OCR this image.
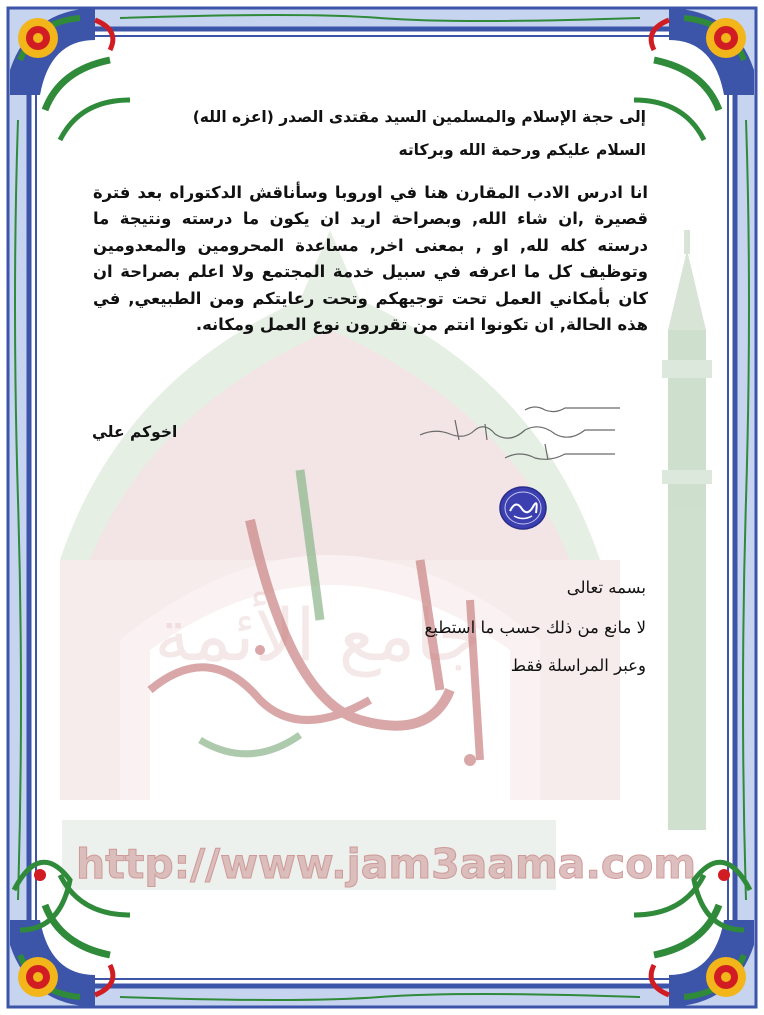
http://www.jam3aama.com
جامع الأئمة
إلى حجة الإسلام والمسلمين السيد مقتدى الصدر (اعزه الله)
السلام عليكم ورحمة الله وبركاته
انا ادرس الادب المقارن هنا في اوروبا وسأناقش الدكتوراه بعد فترة قصيرة ,ان شاء الله, وبصراحة اريد ان يكون ما درسته ونتيجة ما درسته كله لله, او , بمعنى اخر, مساعدة المحرومين والمعدومين وتوظيف كل ما اعرفه في سبيل خدمة المجتمع ولا اعلم بصراحة ان كان بأمكاني العمل تحت توجيهكم وتحت رعايتكم ومن الطبيعي, في هذه الحالة, ان تكونوا انتم من تقررون نوع العمل ومكانه.
اخوكم علي
بسمه تعالى
لا مانع من ذلك حسب ما استطيع
وعبر المراسلة فقط
